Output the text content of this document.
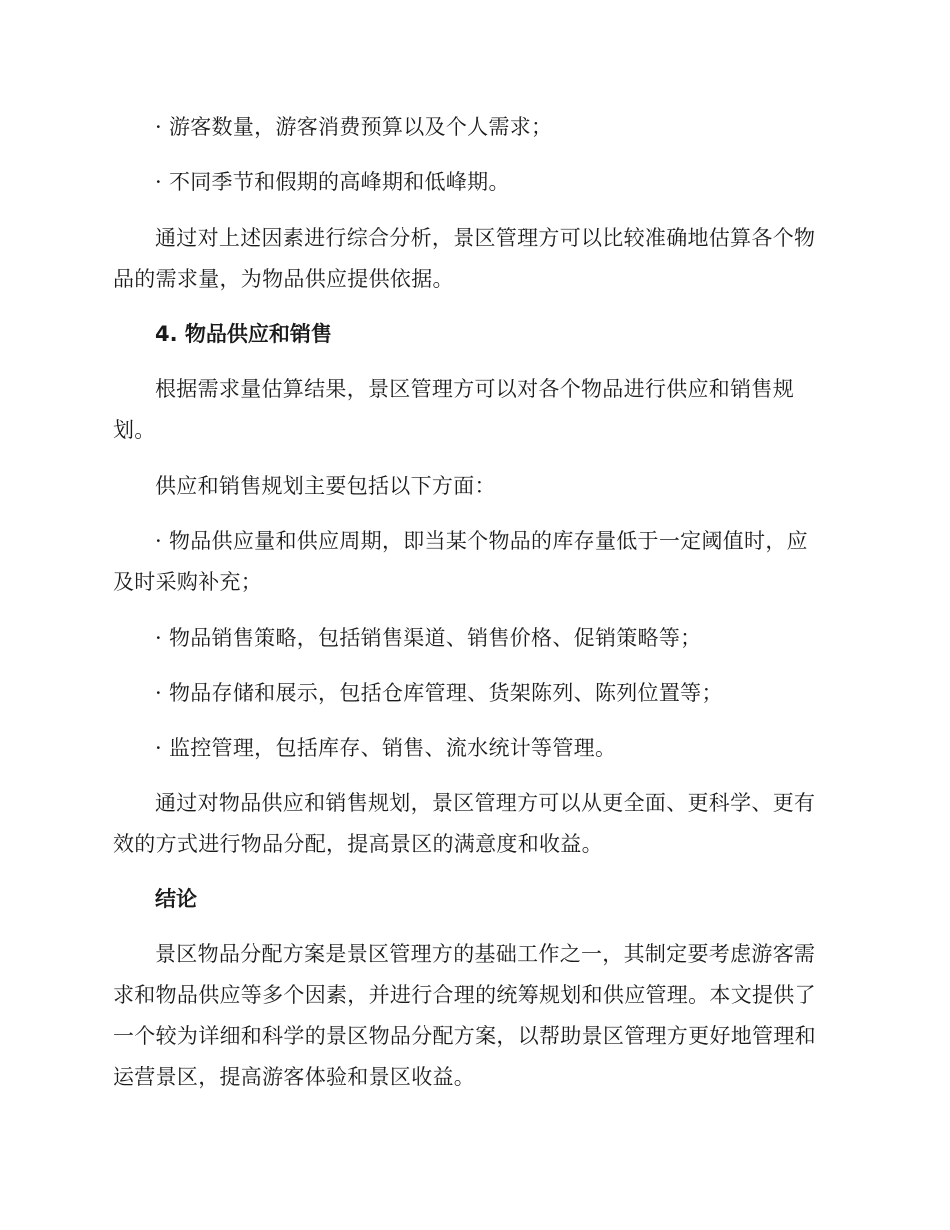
· 游客数量，游客消费预算以及个人需求；

· 不同季节和假期的高峰期和低峰期。

通过对上述因素进行综合分析，景区管理方可以比较准确地估算各个物

品的需求量，为物品供应提供依据。

4. 物品供应和销售

根据需求量估算结果，景区管理方可以对各个物品进行供应和销售规

划。

供应和销售规划主要包括以下方面：

· 物品供应量和供应周期，即当某个物品的库存量低于一定阈值时，应

及时采购补充；

· 物品销售策略，包括销售渠道、销售价格、促销策略等；

· 物品存储和展示，包括仓库管理、货架陈列、陈列位置等；

· 监控管理，包括库存、销售、流水统计等管理。

通过对物品供应和销售规划，景区管理方可以从更全面、更科学、更有

效的方式进行物品分配，提高景区的满意度和收益。

结论

景区物品分配方案是景区管理方的基础工作之一，其制定要考虑游客需

求和物品供应等多个因素，并进行合理的统筹规划和供应管理。本文提供了

一个较为详细和科学的景区物品分配方案，以帮助景区管理方更好地管理和

运营景区，提高游客体验和景区收益。
